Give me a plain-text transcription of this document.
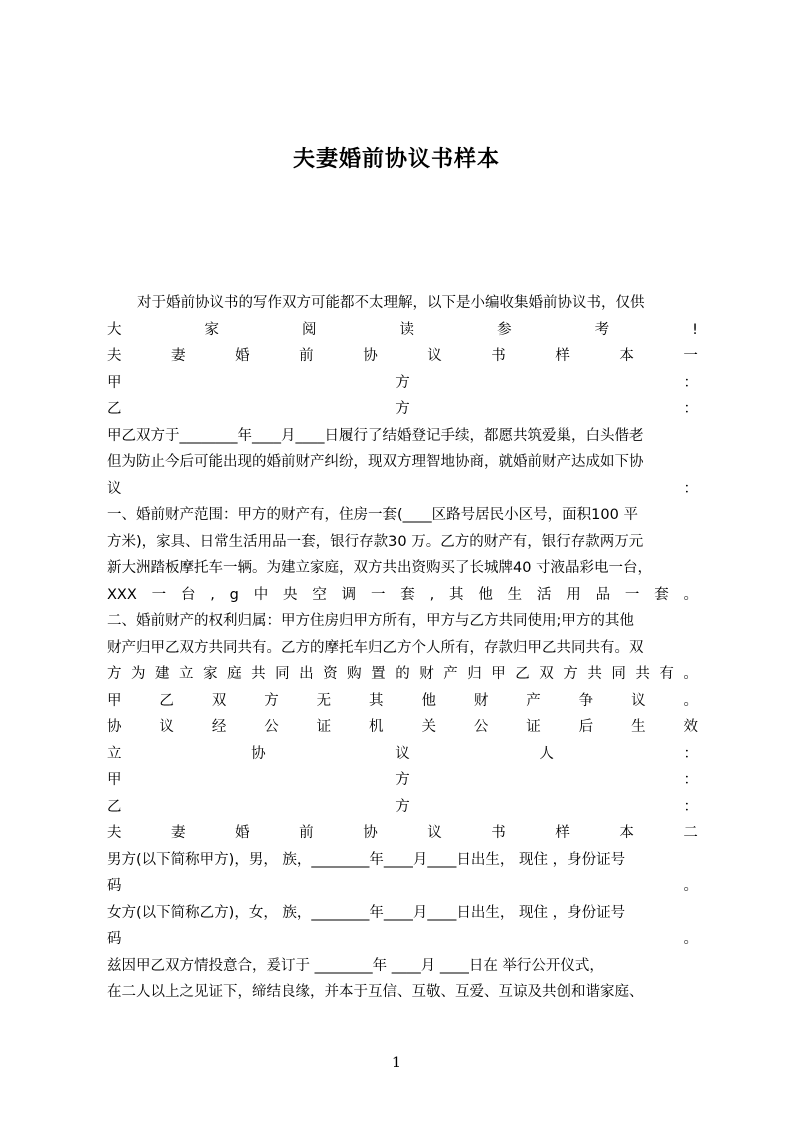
夫妻婚前协议书样本
对于婚前协议书的写作双方可能都不太理解，以下是小编收集婚前协议书，仅供
大	家	阅	读	参	考	!
夫	妻	婚	前	协	议	书	样	本	一
甲	方	：
乙	方	：
甲乙双方于________年____月____日履行了结婚登记手续，都愿共筑爱巢，白头偕老
但为防止今后可能出现的婚前财产纠纷，现双方理智地协商，就婚前财产达成如下协
议	：
一、婚前财产范围：甲方的财产有，住房一套(____区路号居民小区号，面积100 平
方米)，家具、日常生活用品一套，银行存款30 万。乙方的财产有，银行存款两万元
新大洲踏板摩托车一辆。为建立家庭，双方共出资购买了长城牌40 寸液晶彩电一台，
XXX 一 台 , g 中 央 空 调 一 套 , 其 他 生 活 用 品 一 套 。
二、婚前财产的权利归属：甲方住房归甲方所有，甲方与乙方共同使用;甲方的其他
财产归甲乙双方共同共有。乙方的摩托车归乙方个人所有，存款归甲乙共同共有。双
方 为 建 立 家 庭 共 同 出 资 购 置 的 财 产 归 甲 乙 双 方 共 同 共 有 。
甲	乙	双	方	无	其	他	财	产	争	议	。
协	议	经	公	证	机	关	公	证	后	生	效
立	协	议	人	：
甲	方	：
乙	方	：
夫	妻	婚	前	协	议	书	样	本	二
男方(以下简称甲方)，男， 族，________年____月____日出生， 现住 ，身份证号
码	。
女方(以下简称乙方)，女， 族，________年____月____日出生， 现住 ，身份证号
码	。
兹因甲乙双方情投意合，爰订于 ________年 ____月 ____日在 举行公开仪式，
在二人以上之见证下，缔结良缘，并本于互信、互敬、互爱、互谅及共创和谐家庭、
1
